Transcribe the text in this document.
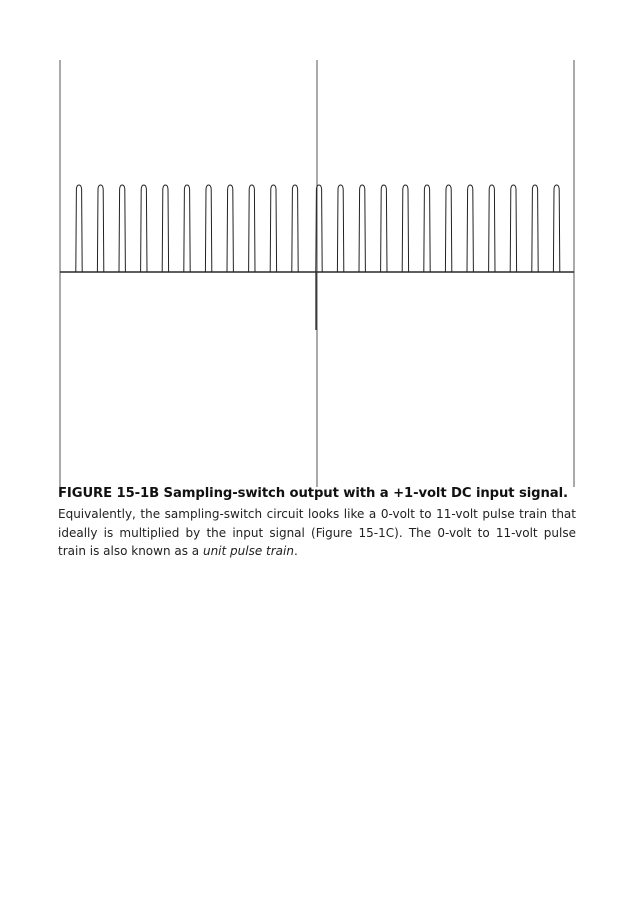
FIGURE 15-1B Sampling-switch output with a +1-volt DC input signal.

Equivalently, the sampling-switch circuit looks like a 0-volt to 11-volt pulse train that ideally is multiplied by the input signal (Figure 15-1C). The 0-volt to 11-volt pulse train is also known as a unit pulse train.
